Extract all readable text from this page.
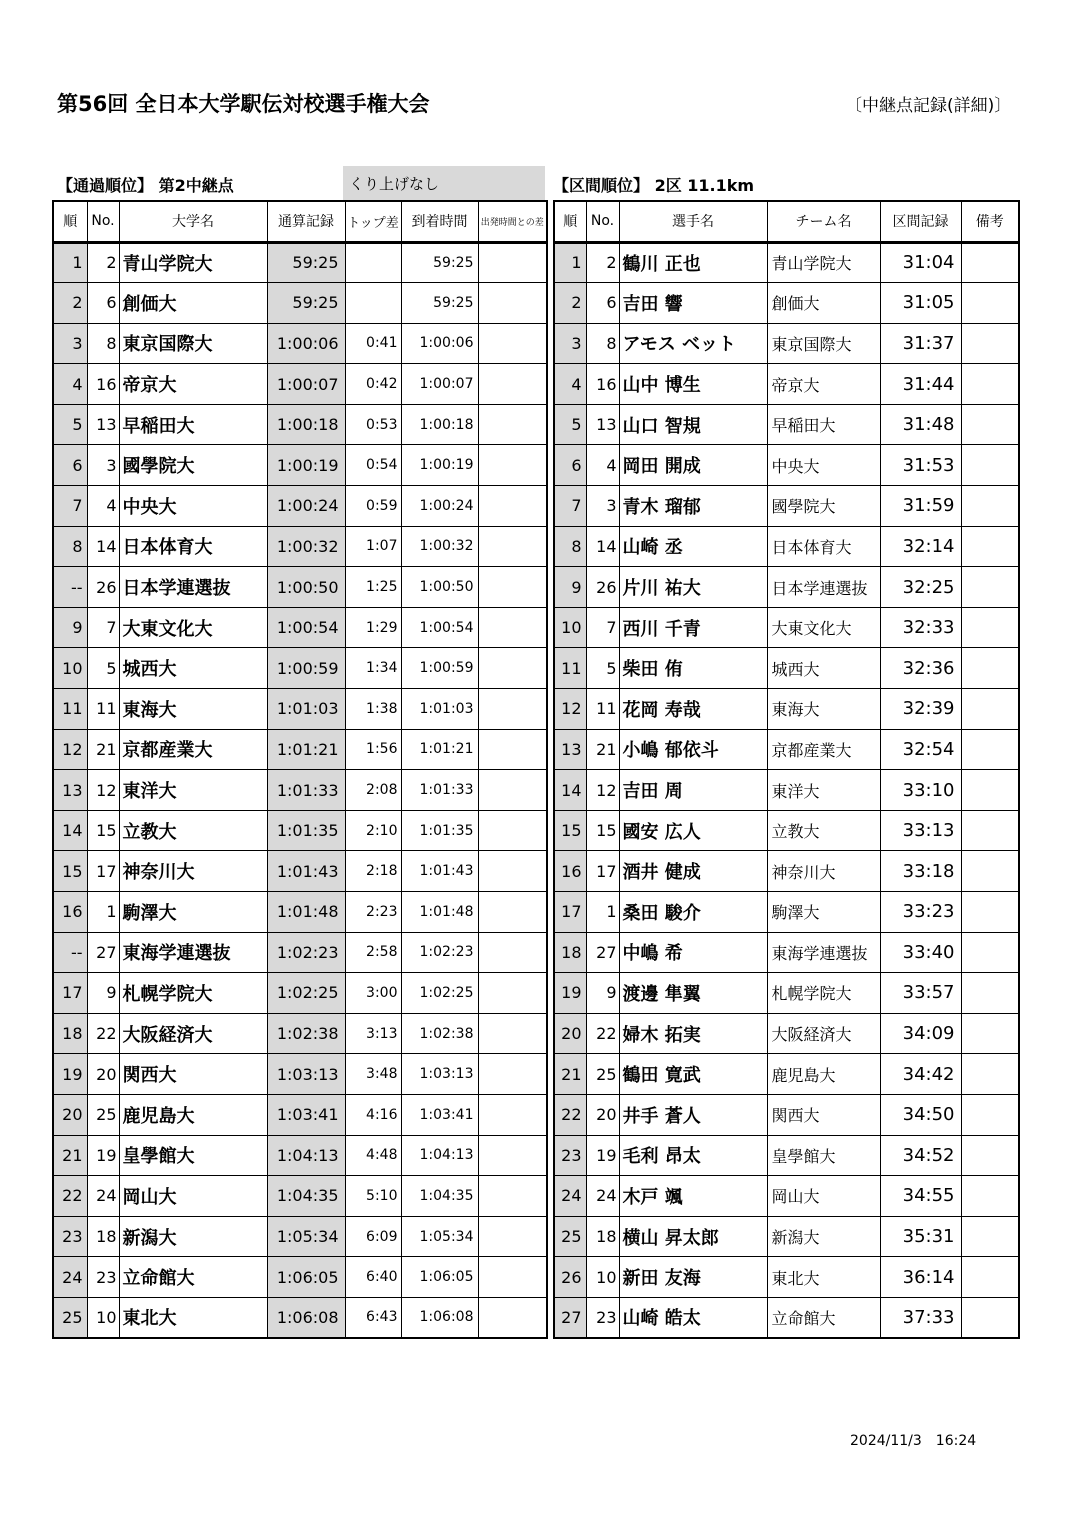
第56回 全日本大学駅伝対校選手権大会	〔中継点記録(詳細)〕
【通過順位】 第2中継点	くり上げなし	【区間順位】 2区 11.1km
順	No.	大学名	通算記録	トップ差	到着時間	出発時間との差
1	2	青山学院大	59:25		59:25	
2	6	創価大	59:25		59:25	
3	8	東京国際大	1:00:06	0:41	1:00:06	
4	16	帝京大	1:00:07	0:42	1:00:07	
5	13	早稲田大	1:00:18	0:53	1:00:18	
6	3	國學院大	1:00:19	0:54	1:00:19	
7	4	中央大	1:00:24	0:59	1:00:24	
8	14	日本体育大	1:00:32	1:07	1:00:32	
--	26	日本学連選抜	1:00:50	1:25	1:00:50	
9	7	大東文化大	1:00:54	1:29	1:00:54	
10	5	城西大	1:00:59	1:34	1:00:59	
11	11	東海大	1:01:03	1:38	1:01:03	
12	21	京都産業大	1:01:21	1:56	1:01:21	
13	12	東洋大	1:01:33	2:08	1:01:33	
14	15	立教大	1:01:35	2:10	1:01:35	
15	17	神奈川大	1:01:43	2:18	1:01:43	
16	1	駒澤大	1:01:48	2:23	1:01:48	
--	27	東海学連選抜	1:02:23	2:58	1:02:23	
17	9	札幌学院大	1:02:25	3:00	1:02:25	
18	22	大阪経済大	1:02:38	3:13	1:02:38	
19	20	関西大	1:03:13	3:48	1:03:13	
20	25	鹿児島大	1:03:41	4:16	1:03:41	
21	19	皇學館大	1:04:13	4:48	1:04:13	
22	24	岡山大	1:04:35	5:10	1:04:35	
23	18	新潟大	1:05:34	6:09	1:05:34	
24	23	立命館大	1:06:05	6:40	1:06:05	
25	10	東北大	1:06:08	6:43	1:06:08	
順	No.	選手名	チーム名	区間記録	備考
1	2	鶴川 正也	青山学院大	31:04	
2	6	吉田 響	創価大	31:05	
3	8	アモス ベット	東京国際大	31:37	
4	16	山中 博生	帝京大	31:44	
5	13	山口 智規	早稲田大	31:48	
6	4	岡田 開成	中央大	31:53	
7	3	青木 瑠郁	國學院大	31:59	
8	14	山崎 丞	日本体育大	32:14	
9	26	片川 祐大	日本学連選抜	32:25	
10	7	西川 千青	大東文化大	32:33	
11	5	柴田 侑	城西大	32:36	
12	11	花岡 寿哉	東海大	32:39	
13	21	小嶋 郁依斗	京都産業大	32:54	
14	12	吉田 周	東洋大	33:10	
15	15	國安 広人	立教大	33:13	
16	17	酒井 健成	神奈川大	33:18	
17	1	桑田 駿介	駒澤大	33:23	
18	27	中嶋 希	東海学連選抜	33:40	
19	9	渡邊 隼翼	札幌学院大	33:57	
20	22	婦木 拓実	大阪経済大	34:09	
21	25	鶴田 寛武	鹿児島大	34:42	
22	20	井手 蒼人	関西大	34:50	
23	19	毛利 昂太	皇學館大	34:52	
24	24	木戸 颯	岡山大	34:55	
25	18	横山 昇太郎	新潟大	35:31	
26	10	新田 友海	東北大	36:14	
27	23	山崎 皓太	立命館大	37:33	
2024/11/3　16:24
